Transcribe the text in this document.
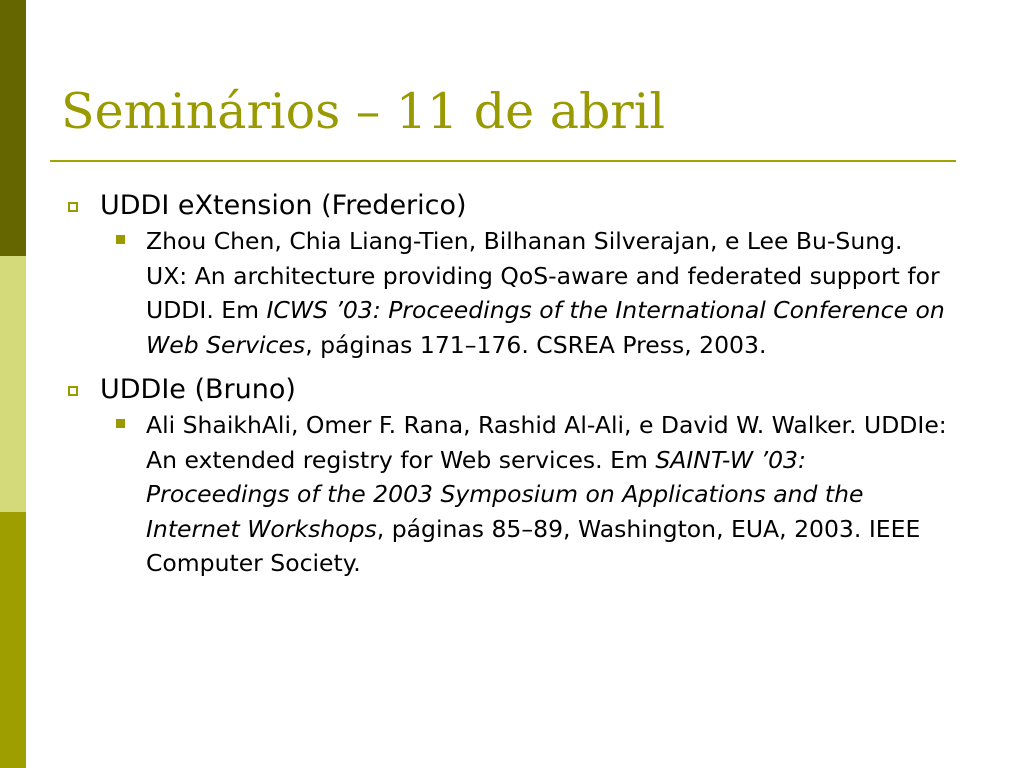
Seminários – 11 de abril
UDDI eXtension (Frederico)
Zhou Chen, Chia Liang-Tien, Bilhanan Silverajan, e Lee Bu-Sung. UX: An architecture providing QoS-aware and federated support for UDDI. Em ICWS ’03: Proceedings of the International Conference on Web Services, páginas 171–176. CSREA Press, 2003.
UDDIe (Bruno)
Ali ShaikhAli, Omer F. Rana, Rashid Al-Ali, e David W. Walker. UDDIe: An extended registry for Web services. Em SAINT-W ’03: Proceedings of the 2003 Symposium on Applications and the Internet Workshops, páginas 85–89, Washington, EUA, 2003. IEEE Computer Society.
